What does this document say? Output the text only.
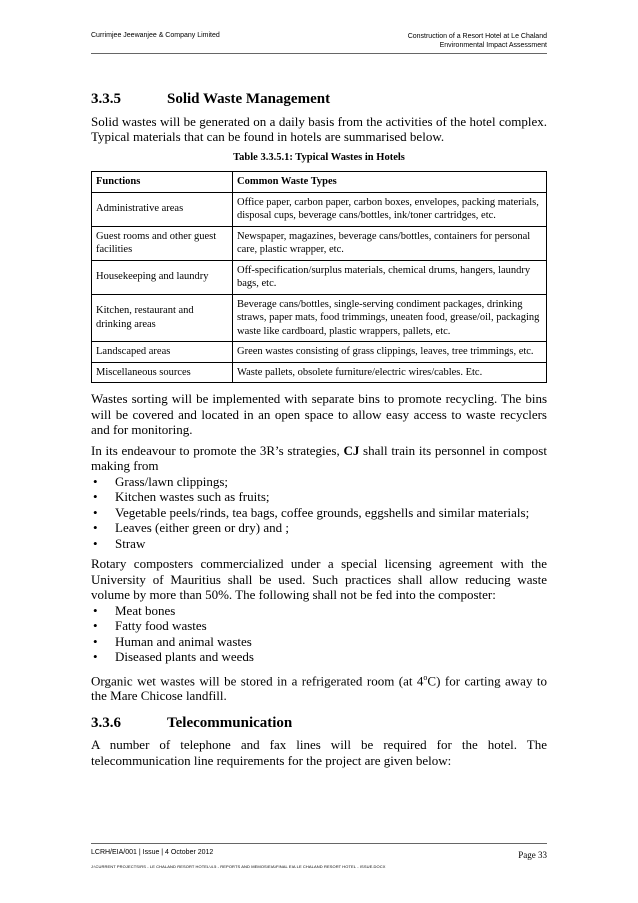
Currimjee Jeewanjee & Company Limited	Construction of a Resort Hotel at Le Chaland
Environmental Impact Assessment
3.3.5	Solid Waste Management

Solid wastes will be generated on a daily basis from the activities of the hotel complex. Typical materials that can be found in hotels are summarised below.

Table 3.3.5.1: Typical Wastes in Hotels
Functions	Common Waste Types
Administrative areas	Office paper, carbon paper, carbon boxes, envelopes, packing materials, disposal cups, beverage cans/bottles, ink/toner cartridges, etc.
Guest rooms and other guest facilities	Newspaper, magazines, beverage cans/bottles, containers for personal care, plastic wrapper, etc.
Housekeeping and laundry	Off-specification/surplus materials, chemical drums, hangers, laundry bags, etc.
Kitchen, restaurant and drinking areas	Beverage cans/bottles, single-serving condiment packages, drinking straws, paper mats, food trimmings, uneaten food, grease/oil, packaging waste like cardboard, plastic wrappers, pallets, etc.
Landscaped areas	Green wastes consisting of grass clippings, leaves, tree trimmings, etc.
Miscellaneous sources	Waste pallets, obsolete furniture/electric wires/cables. Etc.

Wastes sorting will be implemented with separate bins to promote recycling. The bins will be covered and located in an open space to allow easy access to waste recyclers and for monitoring.

In its endeavour to promote the 3R’s strategies, CJ shall train its personnel in compost making from

• Grass/lawn clippings;
• Kitchen wastes such as fruits;
• Vegetable peels/rinds, tea bags, coffee grounds, eggshells and similar materials;
• Leaves (either green or dry) and ;
• Straw

Rotary composters commercialized under a special licensing agreement with the University of Mauritius shall be used. Such practices shall allow reducing waste volume by more than 50%. The following shall not be fed into the composter:

• Meat bones
• Fatty food wastes
• Human and animal wastes
• Diseased plants and weeds

Organic wet wastes will be stored in a refrigerated room (at 4$^o$C) for carting away to the Mare Chicose landfill.

3.3.6	Telecommunication

A number of telephone and fax lines will be required for the hotel. The telecommunication line requirements for the project are given below:

LCRH/EIA/001 | Issue | 4 October 2012	Page 33
J:\CURRENT PROJECTS\RS - LE CHALAND RESORT HOTEL\4.5 - REPORTS AND MEMOS\EIA\FINAL EIA LE CHALAND RESORT HOTEL - ISSUE.DOCX
